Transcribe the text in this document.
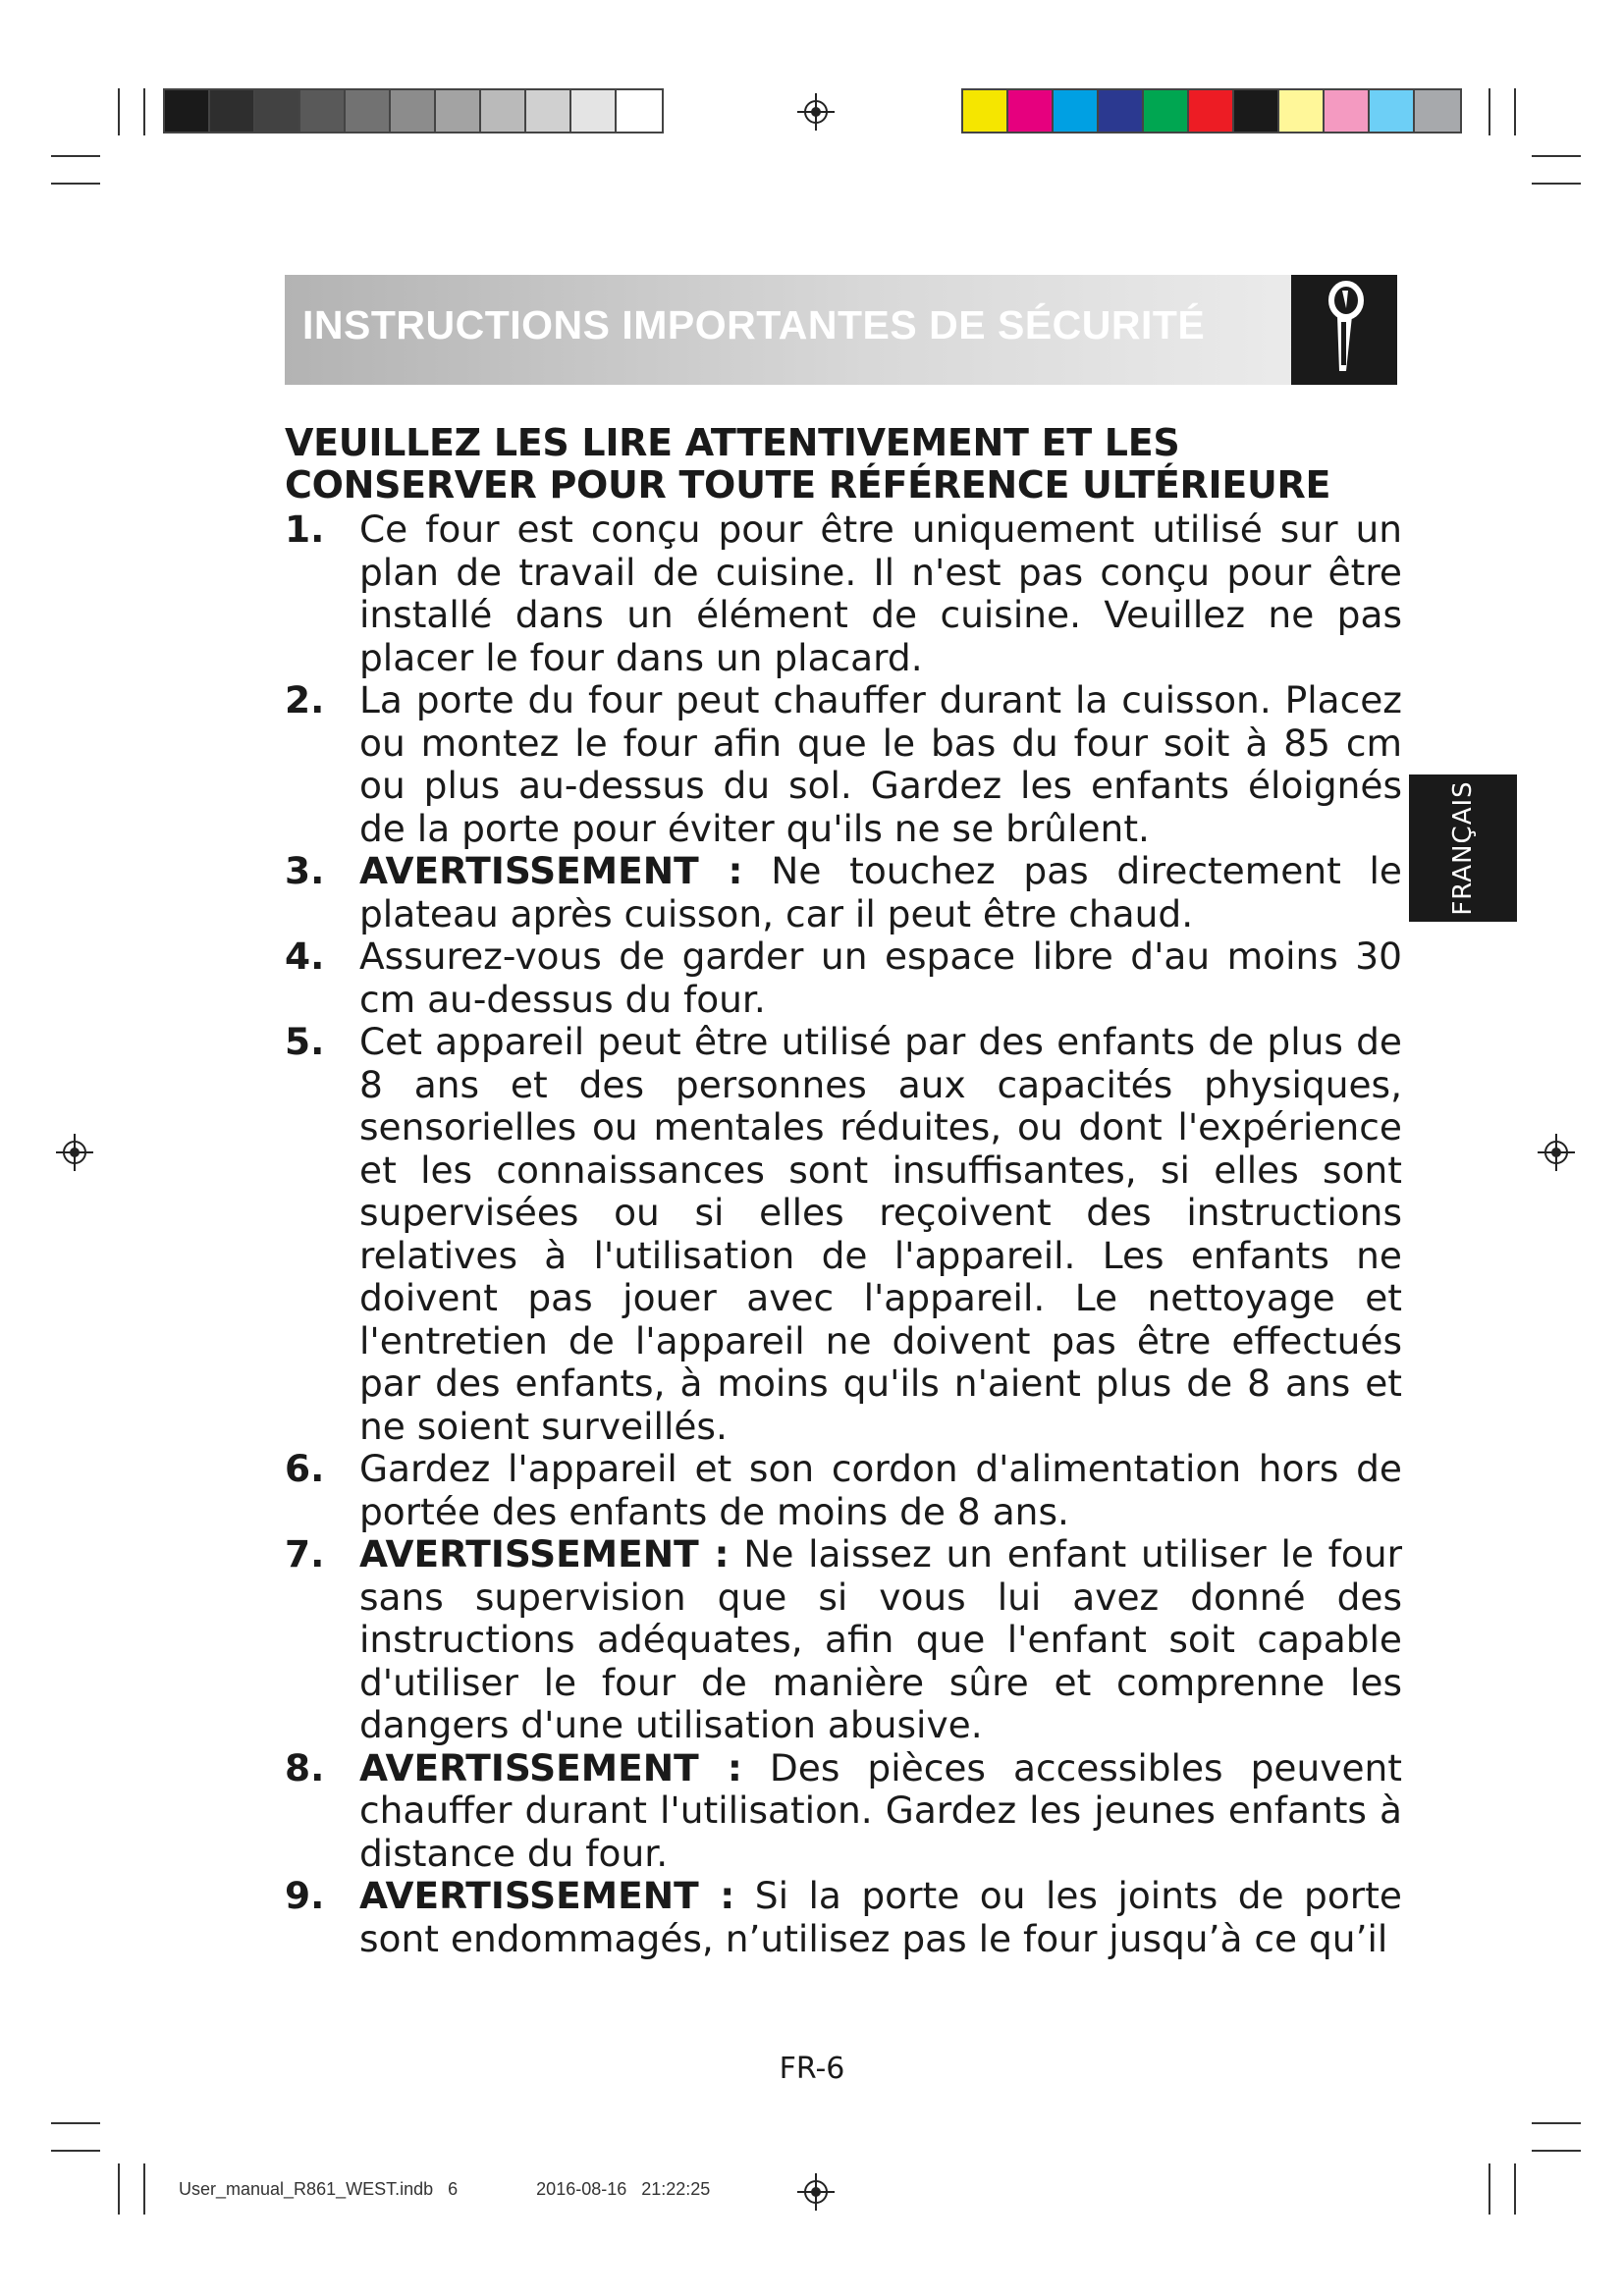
INSTRUCTIONS IMPORTANTES DE SÉCURITÉ
FRANÇAIS

VEUILLEZ LES LIRE ATTENTIVEMENT ET LES CONSERVER POUR TOUTE RÉFÉRENCE ULTÉRIEURE

1. Ce four est conçu pour être uniquement utilisé sur un plan de travail de cuisine. Il n'est pas conçu pour être installé dans un élément de cuisine. Veuillez ne pas placer le four dans un placard.
2. La porte du four peut chauffer durant la cuisson. Placez ou montez le four afin que le bas du four soit à 85 cm ou plus au-dessus du sol. Gardez les enfants éloignés de la porte pour éviter qu'ils ne se brûlent.
3. AVERTISSEMENT : Ne touchez pas directement le plateau après cuisson, car il peut être chaud.
4. Assurez-vous de garder un espace libre d'au moins 30 cm au-dessus du four.
5. Cet appareil peut être utilisé par des enfants de plus de 8 ans et des personnes aux capacités physiques, sensorielles ou mentales réduites, ou dont l'expérience et les connaissances sont insuffisantes, si elles sont supervisées ou si elles reçoivent des instructions relatives à l'utilisation de l'appareil. Les enfants ne doivent pas jouer avec l'appareil. Le nettoyage et l'entretien de l'appareil ne doivent pas être effectués par des enfants, à moins qu'ils n'aient plus de 8 ans et ne soient surveillés.
6. Gardez l'appareil et son cordon d'alimentation hors de portée des enfants de moins de 8 ans.
7. AVERTISSEMENT : Ne laissez un enfant utiliser le four sans supervision que si vous lui avez donné des instructions adéquates, afin que l'enfant soit capable d'utiliser le four de manière sûre et comprenne les dangers d'une utilisation abusive.
8. AVERTISSEMENT : Des pièces accessibles peuvent chauffer durant l'utilisation. Gardez les jeunes enfants à distance du four.
9. AVERTISSEMENT : Si la porte ou les joints de porte sont endommagés, n’utilisez pas le four jusqu’à ce qu’il
FR-6
User_manual_R861_WEST.indb   6                2016-08-16   21:22:25
